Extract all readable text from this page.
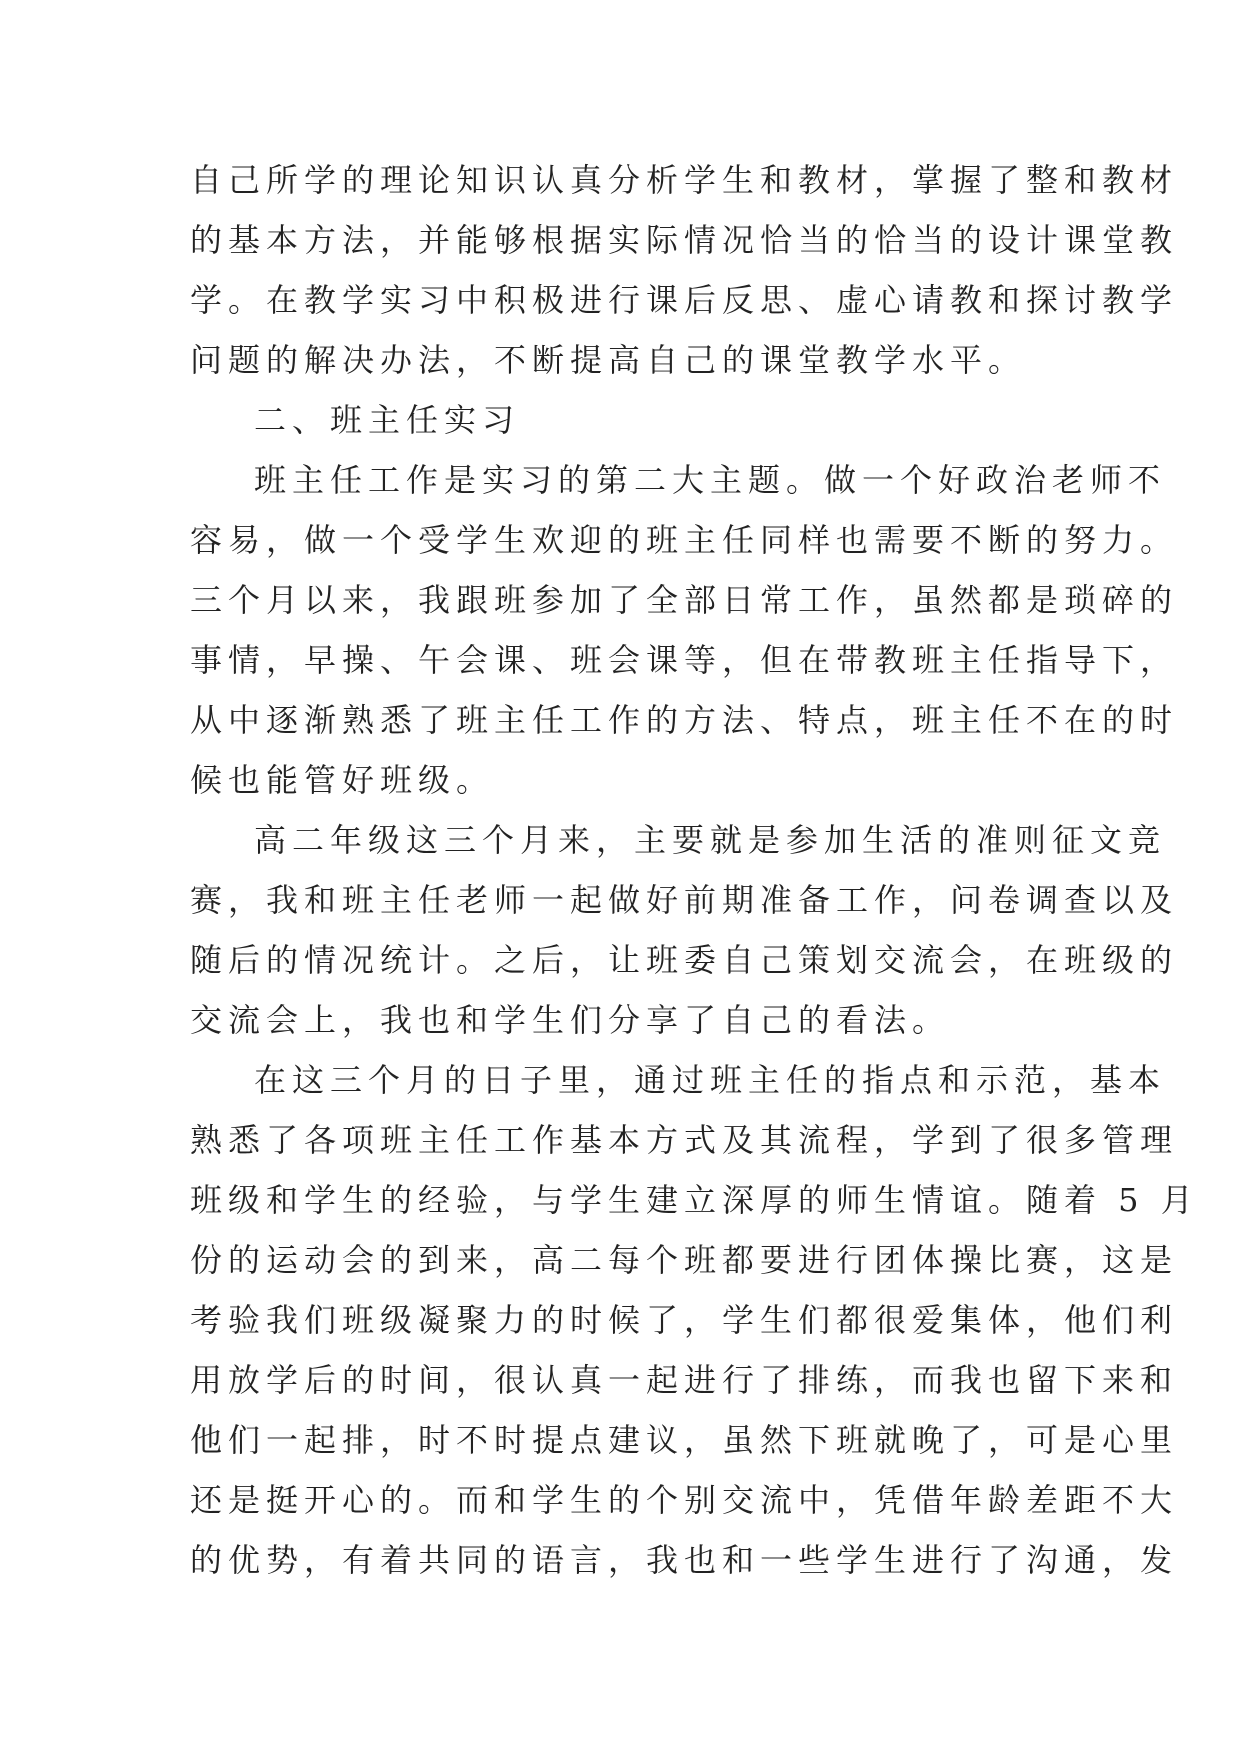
自己所学的理论知识认真分析学生和教材，掌握了整和教材
的基本方法，并能够根据实际情况恰当的恰当的设计课堂教
学。在教学实习中积极进行课后反思、虚心请教和探讨教学
问题的解决办法，不断提高自己的课堂教学水平。
二、班主任实习
班主任工作是实习的第二大主题。做一个好政治老师不
容易，做一个受学生欢迎的班主任同样也需要不断的努力。
三个月以来，我跟班参加了全部日常工作，虽然都是琐碎的
事情，早操、午会课、班会课等，但在带教班主任指导下，
从中逐渐熟悉了班主任工作的方法、特点，班主任不在的时
候也能管好班级。
高二年级这三个月来，主要就是参加生活的准则征文竞
赛，我和班主任老师一起做好前期准备工作，问卷调查以及
随后的情况统计。之后，让班委自己策划交流会，在班级的
交流会上，我也和学生们分享了自己的看法。
在这三个月的日子里，通过班主任的指点和示范，基本
熟悉了各项班主任工作基本方式及其流程，学到了很多管理
班级和学生的经验，与学生建立深厚的师生情谊。随着 5 月
份的运动会的到来，高二每个班都要进行团体操比赛，这是
考验我们班级凝聚力的时候了，学生们都很爱集体，他们利
用放学后的时间，很认真一起进行了排练，而我也留下来和
他们一起排，时不时提点建议，虽然下班就晚了，可是心里
还是挺开心的。而和学生的个别交流中，凭借年龄差距不大
的优势，有着共同的语言，我也和一些学生进行了沟通，发
